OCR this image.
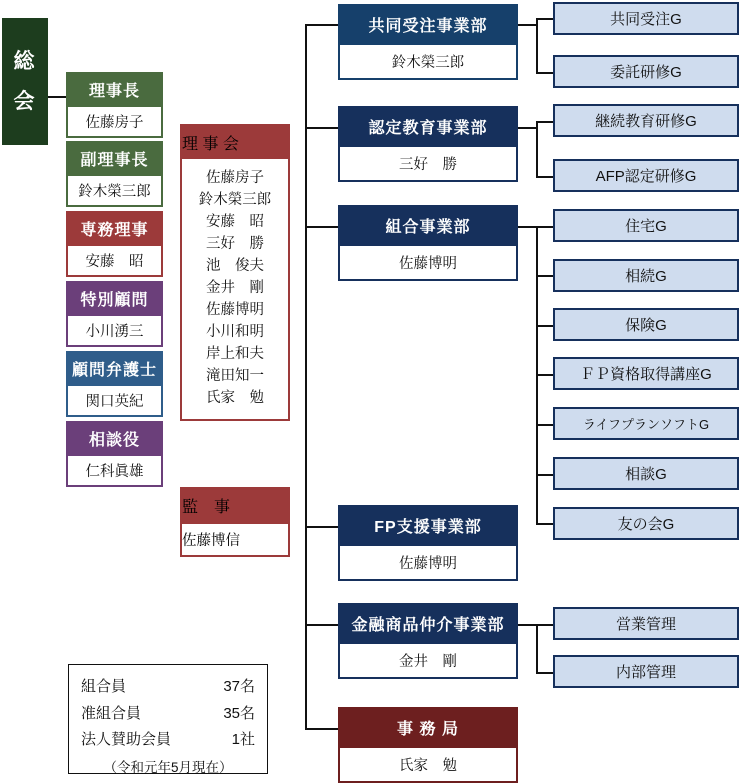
総
会	理事長
佐藤房子
副理事長
鈴木榮三郎
専務理事
安藤　昭
特別顧問
小川湧三
顧問弁護士
関口英紀
相談役
仁科眞雄
理 事 会
佐藤房子
鈴木榮三郎
安藤　昭
三好　勝
池　俊夫
金井　剛
佐藤博明
小川和明
岸上和夫
滝田知一
氏家　勉
監　事
佐藤博信
共同受注事業部
鈴木榮三郎
認定教育事業部
三好　勝
組合事業部
佐藤博明
FP支援事業部
佐藤博明
金融商品仲介事業部
金井　剛
事 務 局
氏家　勉
共同受注G
委託研修G
継続教育研修G
AFP認定研修G
住宅G
相続G
保険G
ＦＰ資格取得講座G
ライフプランソフトG
相談G
友の会G
営業管理
内部管理
組合員	37名
准組合員	35名
法人賛助会員	1社
（令和元年5月現在）
